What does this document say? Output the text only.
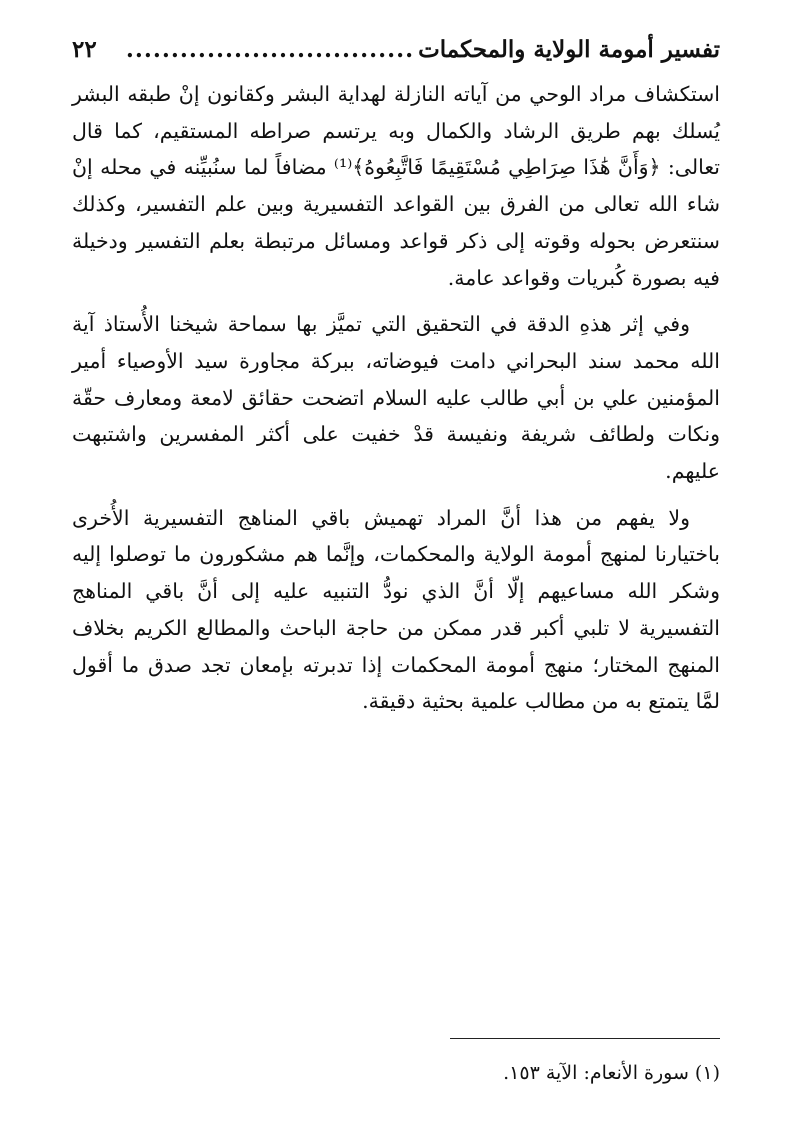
تفسير أمومة الولاية والمحكمات
................................
٢٢

استكشاف مراد الوحي من آياته النازلة لهداية البشر وكقانون إنْ طبقه البشر يُسلك بهم طريق الرشاد والكمال وبه يرتسم صراطه المستقيم، كما قال تعالى: ﴿وَأَنَّ هَٰذَا صِرَاطِي مُسْتَقِيمًا فَاتَّبِعُوهُ﴾⁽¹⁾ مضافاً لما سنُبيِّنه في محله إنْ شاء الله تعالى من الفرق بين القواعد التفسيرية وبين علم التفسير، وكذلك سنتعرض بحوله وقوته إلى ذكر قواعد ومسائل مرتبطة بعلم التفسير ودخيلة فيه بصورة كُبريات وقواعد عامة.

وفي إثر هذهِ الدقة في التحقيق التي تميَّز بها سماحة شيخنا الأُستاذ آية الله محمد سند البحراني دامت فيوضاته، ببركة مجاورة سيد الأوصياء أمير المؤمنين علي بن أبي طالب عليه السلام اتضحت حقائق لامعة ومعارف حقّة ونكات ولطائف شريفة ونفيسة قدْ خفيت على أكثر المفسرين واشتبهت عليهم.

ولا يفهم من هذا أنَّ المراد تهميش باقي المناهج التفسيرية الأُخرى باختيارنا لمنهج أمومة الولاية والمحكمات، وإنَّما هم مشكورون ما توصلوا إليه وشكر الله مساعيهم إلّا أنَّ الذي نودُّ التنبيه عليه إلى أنَّ باقي المناهج التفسيرية لا تلبي أكبر قدر ممكن من حاجة الباحث والمطالع الكريم بخلاف المنهج المختار؛ منهج أمومة المحكمات إذا تدبرته بإمعان تجد صدق ما أقول لمَّا يتمتع به من مطالب علمية بحثية دقيقة.

(١) سورة الأنعام: الآية ١٥٣.
